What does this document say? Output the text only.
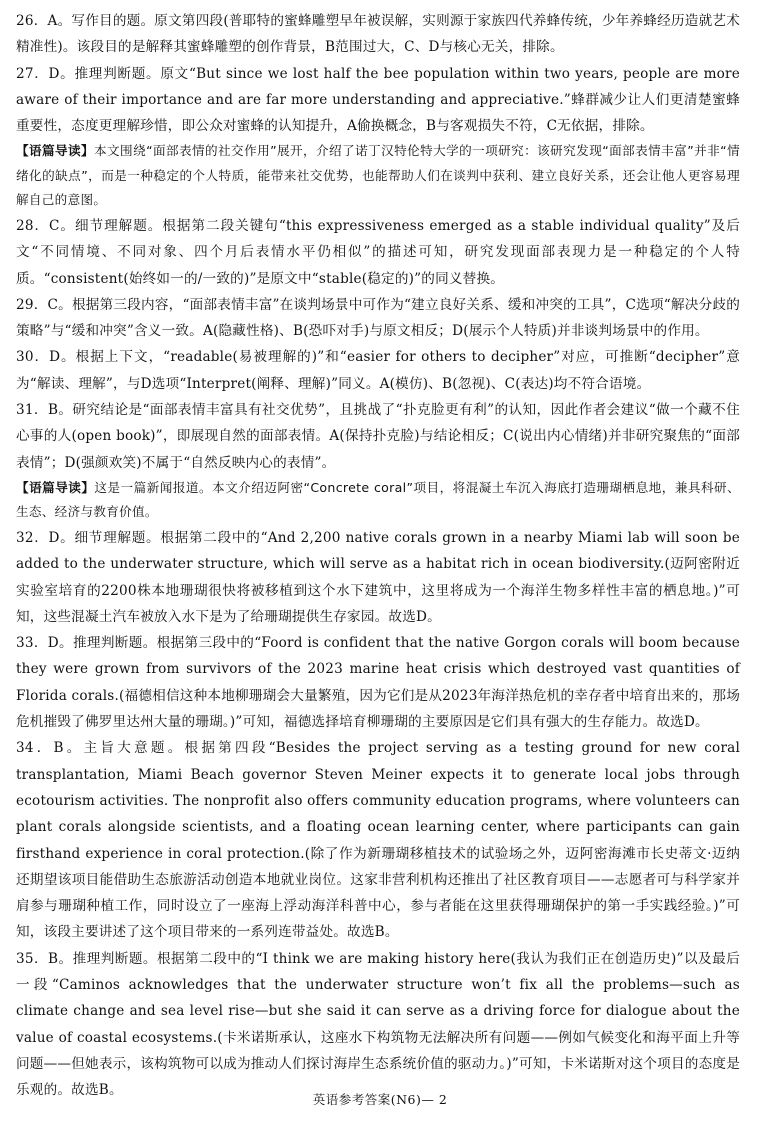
26．A。写作目的题。原文第四段(普耶特的蜜蜂雕塑早年被误解，实则源于家族四代养蜂传统，少年养蜂经历造就艺术精准性)。该段目的是解释其蜜蜂雕塑的创作背景，B范围过大，C、D与核心无关，排除。

27．D。推理判断题。原文“But since we lost half the bee population within two years, people are more aware of their importance and are far more understanding and appreciative.”蜂群减少让人们更清楚蜜蜂重要性，态度更理解珍惜，即公众对蜜蜂的认知提升，A偷换概念，B与客观损失不符，C无依据，排除。

【语篇导读】本文围绕“面部表情的社交作用”展开，介绍了诺丁汉特伦特大学的一项研究：该研究发现“面部表情丰富”并非“情绪化的缺点”，而是一种稳定的个人特质，能带来社交优势，也能帮助人们在谈判中获利、建立良好关系，还会让他人更容易理解自己的意图。

28．C。细节理解题。根据第二段关键句“this expressiveness emerged as a stable individual quality”及后文“不同情境、不同对象、四个月后表情水平仍相似”的描述可知，研究发现面部表现力是一种稳定的个人特质。“consistent(始终如一的/一致的)”是原文中“stable(稳定的)”的同义替换。

29．C。根据第三段内容，“面部表情丰富”在谈判场景中可作为“建立良好关系、缓和冲突的工具”，C选项“解决分歧的策略”与“缓和冲突”含义一致。A(隐藏性格)、B(恐吓对手)与原文相反；D(展示个人特质)并非谈判场景中的作用。

30．D。根据上下文，“readable(易被理解的)”和“easier for others to decipher”对应，可推断“decipher”意为“解读、理解”，与D选项“Interpret(阐释、理解)”同义。A(模仿)、B(忽视)、C(表达)均不符合语境。

31．B。研究结论是“面部表情丰富具有社交优势”，且挑战了“扑克脸更有利”的认知，因此作者会建议“做一个藏不住心事的人(open book)”，即展现自然的面部表情。A(保持扑克脸)与结论相反；C(说出内心情绪)并非研究聚焦的“面部表情”；D(强颜欢笑)不属于“自然反映内心的表情”。

【语篇导读】这是一篇新闻报道。本文介绍迈阿密“Concrete coral”项目，将混凝土车沉入海底打造珊瑚栖息地，兼具科研、生态、经济与教育价值。

32．D。细节理解题。根据第二段中的“And 2,200 native corals grown in a nearby Miami lab will soon be added to the underwater structure, which will serve as a habitat rich in ocean biodiversity.(迈阿密附近实验室培育的2200株本地珊瑚很快将被移植到这个水下建筑中，这里将成为一个海洋生物多样性丰富的栖息地。)”可知，这些混凝土汽车被放入水下是为了给珊瑚提供生存家园。故选D。

33．D。推理判断题。根据第三段中的“Foord is confident that the native Gorgon corals will boom because they were grown from survivors of the 2023 marine heat crisis which destroyed vast quantities of Florida corals.(福德相信这种本地柳珊瑚会大量繁殖，因为它们是从2023年海洋热危机的幸存者中培育出来的，那场危机摧毁了佛罗里达州大量的珊瑚。)”可知，福德选择培育柳珊瑚的主要原因是它们具有强大的生存能力。故选D。

34．B。主旨大意题。根据第四段“Besides the project serving as a testing ground for new coral transplantation, Miami Beach governor Steven Meiner expects it to generate local jobs through ecotourism activities. The nonprofit also offers community education programs, where volunteers can plant corals alongside scientists, and a floating ocean learning center, where participants can gain firsthand experience in coral protection.(除了作为新珊瑚移植技术的试验场之外，迈阿密海滩市长史蒂文·迈纳还期望该项目能借助生态旅游活动创造本地就业岗位。这家非营利机构还推出了社区教育项目——志愿者可与科学家并肩参与珊瑚种植工作，同时设立了一座海上浮动海洋科普中心，参与者能在这里获得珊瑚保护的第一手实践经验。)”可知，该段主要讲述了这个项目带来的一系列连带益处。故选B。

35．B。推理判断题。根据第二段中的“I think we are making history here(我认为我们正在创造历史)”以及最后一段“Caminos acknowledges that the underwater structure won’t fix all the problems—such as climate change and sea level rise—but she said it can serve as a driving force for dialogue about the value of coastal ecosystems.(卡米诺斯承认，这座水下构筑物无法解决所有问题——例如气候变化和海平面上升等问题——但她表示，该构筑物可以成为推动人们探讨海岸生态系统价值的驱动力。)”可知，卡米诺斯对这个项目的态度是乐观的。故选B。

英语参考答案(N6)— 2
